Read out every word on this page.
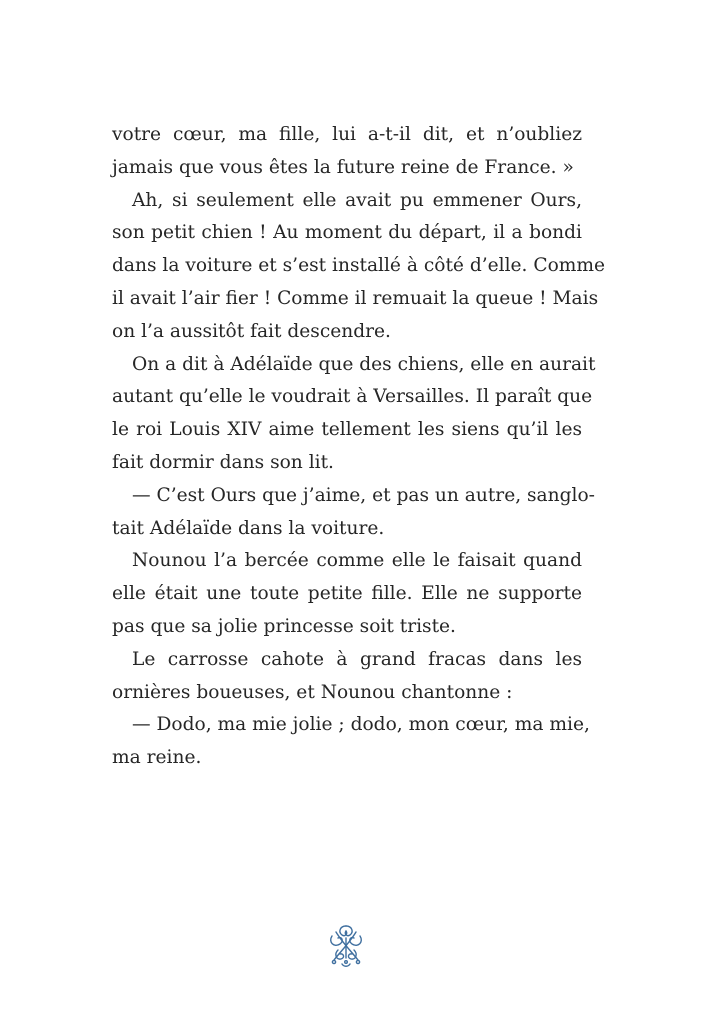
votre cœur, ma fille, lui a-t-il dit, et n’oubliez
jamais que vous êtes la future reine de France. »
Ah, si seulement elle avait pu emmener Ours,
son petit chien ! Au moment du départ, il a bondi
dans la voiture et s’est installé à côté d’elle. Comme
il avait l’air fier ! Comme il remuait la queue ! Mais
on l’a aussitôt fait descendre.
On a dit à Adélaïde que des chiens, elle en aurait
autant qu’elle le voudrait à Versailles. Il paraît que
le roi Louis XIV aime tellement les siens qu’il les
fait dormir dans son lit.
— C’est Ours que j’aime, et pas un autre, sanglo-
tait Adélaïde dans la voiture.
Nounou l’a bercée comme elle le faisait quand
elle était une toute petite fille. Elle ne supporte
pas que sa jolie princesse soit triste.
Le carrosse cahote à grand fracas dans les
ornières boueuses, et Nounou chantonne :
— Dodo, ma mie jolie ; dodo, mon cœur, ma mie,
ma reine.
